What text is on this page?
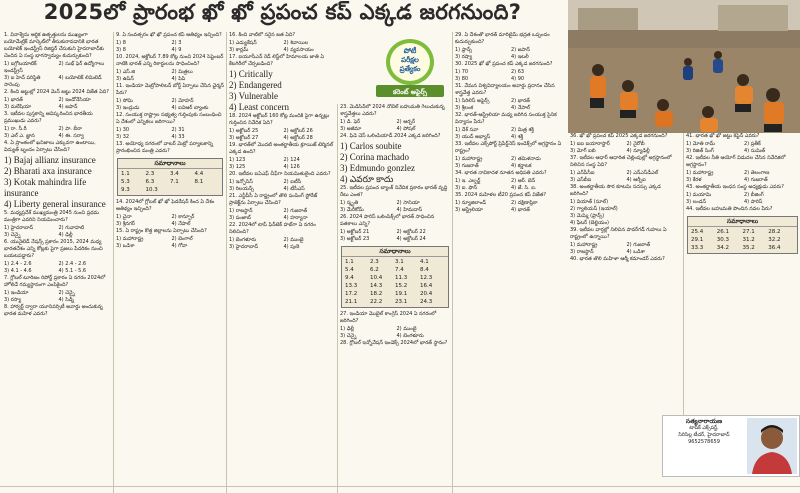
2025లో ప్రారంభ ఖో ఖో ప్రపంచ కప్ ఎక్కడ జరగనుంది?
1. వినాశ్వేను ఆర్థిక ఉత్పత్తులను ముఖ్యంగా బయోమేట్రిక్ మార్కెట్‌లో తీసుకురావడానికి భారత బయోటెక్ ఇండస్ట్రీస్ రిజిస్టర్ చేసుకుని హైదరాబాద్‌కు చెందిన ఏ సంస్థ భాగస్వామ్యం కుదుర్చుకుంది?
1) ఐగ్రోబయాటిక్ ఇండస్ట్రీస్
2) సుభ్ ఫెర్ ఉద్యోగాలు
3) ఐ హెచ్ పరిస్థితి సారెంపు
4) బయోటెక్ లిమిటెడ్
2. కింది జట్టుల్లో 2024 మెన్ జట్టు 2024 విజేత ఏది?
1) భారత్	2) ఇండోనేసియా
3) మలేషియా	4) జపాన్
3. ఇటీవల పుస్తకాన్ని ఆవిష్కరించిన భారతీయ ప్రముఖుడు ఎవరు?
1) రా. సీ.రీ	2) పా. బీరా
3) ఎల్ ఎ. జ్ఞాన	4) ఈ. సర్వా
4. ఏ ప్రాంతంలో ఖనిజాలు ఎక్కువగా ఉంటాయి, విద్యుత్ బృందం ఏర్పాటు చేసింది?
1) Bajaj allianz insurance
2) Bharati axa insurance
3) Kotak mahindra life insurance
4) Liberty general insurance
5. మధ్యప్రదేశ్ ముఖ్యమంత్రి 2045 నుంచి ప్రథమ మంత్రిగా ఎవరిని నియమించారు?
1) హైదరాబాద్	2) గువాహటి
3) చెన్నై	4) ఢిల్లీ
6. యునైటెడ్ నేషన్స్ ప్రకారం 2015, 2024 మధ్య భారతదేశం ఎన్ని కోట్లకు పైగా ప్రజలు పేదరికం నుంచి బయటపడ్డారు?
1) 2.4 - 2.6	2) 2.4 - 2.6
3) 4.1 - 4.6	4) 5.1 - 5.6
7. గ్లోబల్ టూరిజం రిపోర్ట్ ప్రకారం ఏ నగరం 2024లో హోలిడే గమ్యస్థానంగా ఎంపికైంది?
1) ఇండియా	2) చెన్నై
3) రస్యా	4) సిడ్నీ
8. హార్వర్డ్ ద్వారా యూనివర్సిటీ అవార్డు అందుకున్న భారత మహిళ ఎవరు?
9. ఏ సంవత్సరం ఖో ఖో ప్రపంచ కప్ ఆతిథ్యం ఇచ్చింది?
1) 8	2) 3
3) 8	4) 9
10. 2024, అక్టోబర్ 7.89 కోట్ల నుంచి 2024 సెప్టెంబర్ నాటికి భారత్ ఎన్ని రికార్డులను సాధించింది?
1) ఎస్.జి	2) మిత్రలు
3) ఉపిన్	4) పిపి
11. ఇండియా మెట్రోపాలిటన్ బోర్డ్ ఏర్పాటు చేసిన ఛైర్మన్ పేరు?
1) సోమి	2) మోహన్
3) ఇంద్రుడు	4) ఐవిఆర్ బ్యాంకు
12. సంయుక్త రాష్ట్రాల సభ్యత్వ గుర్తింపుకు సంబంధించి ఏ దేశంలో ఎన్నికలు జరిగాయి?
1) 30	2) 31
3) 32	4) 33
13. అయోధ్య నగరంలో వాటర్ మెట్రో పర్యాటకాన్ని ప్రారంభించిన మంత్రి ఎవరు?
సమాధానాలు
1.1	2.3	3.4	4.4
5.3	6.3	7.1	8.1
9.3	10.3
14. 2024లో గ్లోబల్ ఖో ఖో ఫెడరేషన్ కింద ఏ దేశం ఆతిథ్యం ఇచ్చింది?
1) చైనా	2) కాన్పూర్
3) శ్రీనగర్	4) నేపాల్
15. ఏ రాష్ట్రం కొత్త జిల్లాలను ఏర్పాటు చేసింది?
1) మహారాష్ట్ర	2) బెంగాల్
3) ఒడిశా	4) గోవా
16. కింది వాటిలో సరైన జత ఏది?
1) ఎడ్యుకేషన్	2) శివాయిల
3) కార్లమ్	4) వ్యవసాయం
17. ఐయూసీఎన్ రెడ్ లిస్ట్‌లో హిమాలయ జాతి ఏ కేటగిరీలో చేర్చబడింది?
1) Critically
2) Endangered
3) Vulnerable
4) Least concern
18. 2024 అక్టోబర్ 160 కోట్ల మందికి పైగా ఉన్నట్లు గుర్తించిన నివేదిక ఏది?
1) అక్టోబర్ 25	2) అక్టోబర్ 26
3) అక్టోబర్ 27	4) అక్టోబర్ 28
19. భారత్‌లో మొదటి అంతర్జాతీయ క్రూయిజ్ టెర్మినల్ ఎక్కడ ఉంది?
1) 123	2) 124
3) 125	4) 126
20. ఇటీవల ఐఏఎఫ్ చీఫ్‌గా నియమితులైంది ఎవరు?
1) ఇన్ఫోసిస్	2) ఐటీసీ
3) రిలయన్స్	4) టీసీఎస్
21. ఎన్టీపీసీ ఏ రాష్ట్రంలో తొలి పంపింగ్ స్టోరేజ్ ప్రాజెక్ట్‌ను ఏర్పాటు చేసింది?
1) రాజస్థాన్	2) గుజరాత్
3) పంజాబ్	4) హర్యానా
22. 2024లో టాప్ ఫిన్‌టెక్ హబ్‌గా ఏ నగరం నిలిచింది?
1) బెంగళూరు	2) ముంబై
3) హైదరాబాద్	4) పుణె
23. మెడిసిన్‌లో 2024 నోబెల్ బహుమతి గెలుచుకున్న శాస్త్రవేత్తలు ఎవరు?
1) డి. ఫెర్	2) ఆర్బర్
3) అజీమా	4) పోషల్
24. ఫిడె చెస్ ఒలింపియాడ్ 2024 ఎక్కడ జరిగింది?
1) Carlos soubite
2) Corina machado
3) Edmundo gonzlez
4) ఎవరూ కాదు
25. ఇటీవల ప్రపంచ బ్యాంక్ నివేదిక ప్రకారం భారత్ వృద్ధి రేటు ఎంత?
1) స్మృతి	2) సానియా
3) మేరీకోమ్	4) హిమదాస్
26. 2024 పారిస్ ఒలింపిక్స్‌లో భారత్ సాధించిన పతకాలు ఎన్ని?
1) అక్టోబర్ 21	2) అక్టోబర్ 22
3) అక్టోబర్ 23	4) అక్టోబర్ 24
సమాధానాలు
1.1	2.3	3.1	4.1
5.4	6.2	7.4	8.4
9.4	10.4	11.3	12.3
13.3	14.3	15.2	16.4
17.2	18.2	19.1	20.4
21.1	22.2	23.1	24.3
27. ఇండియా మొబైల్ కాంగ్రెస్ 2024 ఏ నగరంలో జరిగింది?
1) ఢిల్లీ	2) ముంబై
3) చెన్నై	4) బెంగళూరు
28. గ్లోబల్ ఇన్నోవేషన్ ఇండెక్స్ 2024లో భారత్ స్థానం?
29. ఏ దేశంతో భారత్ మారిటైమ్ భద్రత ఒప్పందం కుదుర్చుకుంది?
1) ఫ్రాన్స్	2) జపాన్
3) రష్యా	4) ఇటలీ
30. 2025 ఖో ఖో ప్రపంచ కప్ ఎక్కడ జరగనుంది?
1) 70	2) 63
3) 80	4) 90
31. వేమన విశ్వవిద్యాలయం అవార్డు ప్రదానం చేసిన శాస్త్రవేత్త ఎవరు?
1) సిరిలిస్ అఫైర్స్	2) భారత్
3) శ్రీలంక	4) నేపాల్
32. భారత్-ఆస్ట్రేలియా మధ్య జరిగిన సంయుక్త సైనిక విన్యాసం పేరు?
1) దేశ్ సవా	2) మిత్ర శక్తి
3) యుద్ అభ్యాస్	4) శక్తి
33. ఇటీవల ఎక్స్‌పోర్ట్ ప్రిపేర్డ్‌నెస్ ఇండెక్స్‌లో అగ్రస్థానం ఏ రాష్ట్రం?
1) మహారాష్ట్ర	2) తమిళనాడు
3) గుజరాత్	4) కర్ణాటక
34. భారత నావికాదళ నూతన అధిపతి ఎవరు?
1) ఇ. ఎల్బర్ట్	2) ఆర్. బెన్
3) ఐ. ఫొన్	4) జే. సి. ఐ.
35. 2024 మహిళల టీ20 ప్రపంచ కప్ విజేత?
1) న్యూజిలాండ్	2) దక్షిణాఫ్రికా
3) ఆస్ట్రేలియా	4) భారత్
పోటీ
పరీక్షల
ప్రత్యేకం
కరెంట్ అఫైర్స్
36. ఖో ఖో ప్రపంచ కప్ 2025 ఎక్కడ జరగనుంది?
1) ఐఐ ఐయారాస్టార్	2) నైరోబీ
3) మోగ్ ఐబి	4) న్యూఢిల్లీ
37. ఇటీవల ఆధార్ ఆధారిత చెల్లింపుల్లో అగ్రస్థానంలో నిలిచిన సంస్థ ఏది?
1) ఎన్‌పీసీఐ	2) ఎన్‌ఎస్‌డీఎల్
3) ఎస్‌బీఐ	4) ఆర్బీఐ
38. అంతర్జాతీయ సౌర కూటమి సదస్సు ఎక్కడ జరిగింది?
1) వియాత్ (సూల్)
2) గ్యాలియస్ (ఇయాల్)
3) మెమ్మి (ఫ్రాన్స్)
4) ఫేటర్ (బెల్జియం)
39. ఇటీవల వార్తల్లో నిలిచిన పావర్‌గడ్ గుహలు ఏ రాష్ట్రంలో ఉన్నాయి?
1) మహారాష్ట్ర	2) గుజరాత్
3) రాజస్థాన్	4) ఒడిశా
40. భారత తొలి మహిళా ఆర్మీ కమాండర్ ఎవరు?
41. భారత ఖో ఖో జట్టు కెప్టెన్ ఎవరు?
1) మోతి రామ్	2) ప్రతీక్
3) రిజిత్ సింగ్	4) సుమిత్
42. ఇటీవల నీతి ఆయోగ్ విడుదల చేసిన నివేదికలో అగ్రస్థానం?
1) మహారాష్ట్ర	2) తెలంగాణ
3) కేరళ	4) గుజరాత్
43. అంతర్జాతీయ ఇంధన సంస్థ అధ్యక్షుడు ఎవరు?
1) మయామి	2) బీజింగ్
3) లండన్	4) పారిస్
44. ఇటీవల బహుమతి పొందిన నవల పేరు?
సమాధానాలు
25.4	26.1	27.1	28.2
29.1	30.3	31.2	32.2
33.3	34.2	35.2	36.4
సత్యనారాయణ
టాపిక్ ఎక్స్‌పర్ట్,
సిరిసిల్ల టీచర్, హైదరాబాద్
9652578659
